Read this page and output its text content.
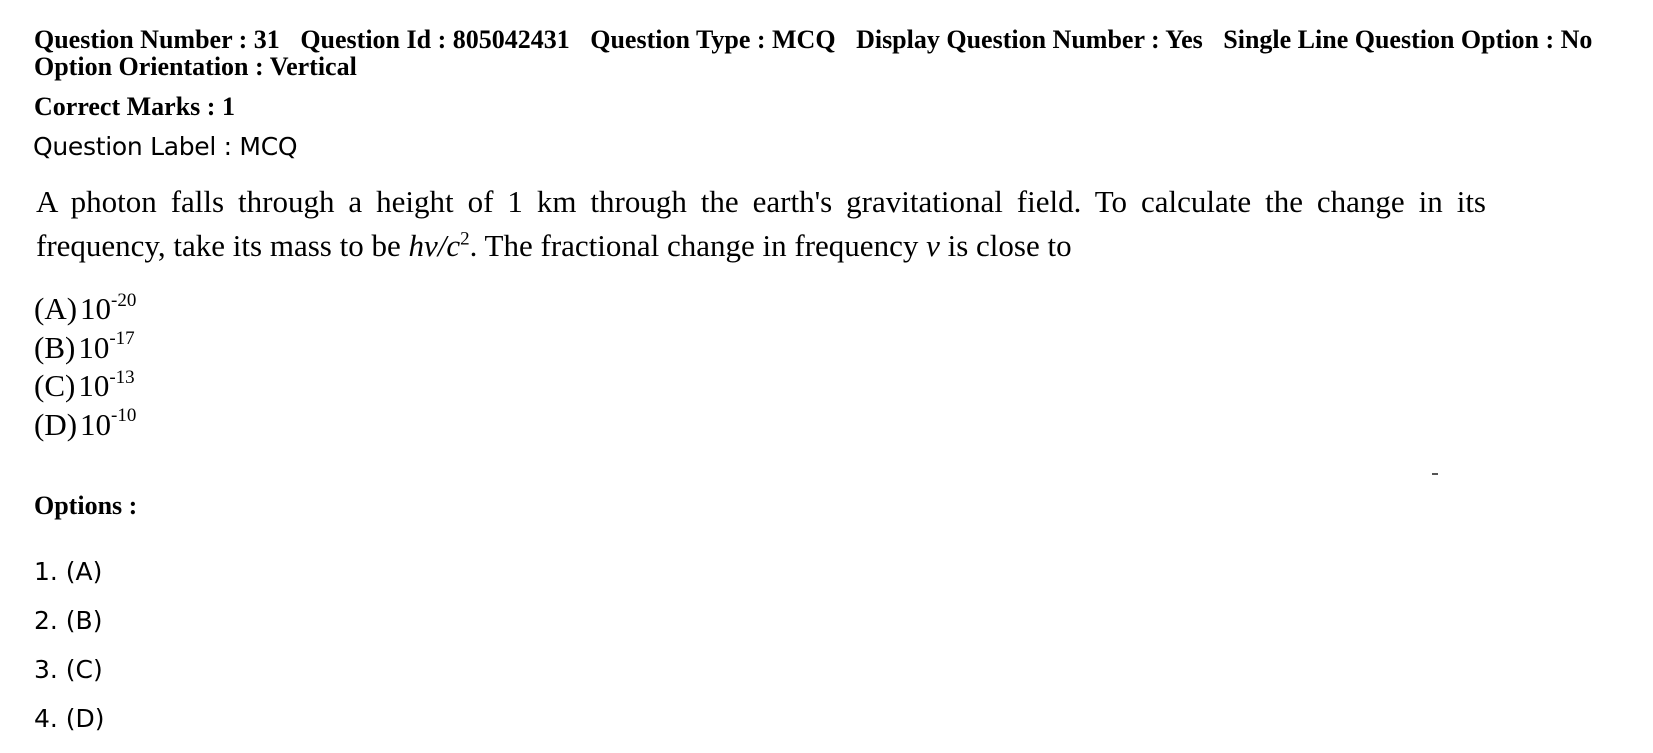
Question Number : 31 Question Id : 805042431 Question Type : MCQ Display Question Number : Yes Single Line Question Option : No Option Orientation : Vertical
Correct Marks : 1
Question Label : MCQ
A photon falls through a height of 1 km through the earth's gravitational field. To calculate the change in its frequency, take its mass to be $h\nu/c^2$. The fractional change in frequency ν is close to
$(A)10^{-20}$
$(B)10^{-17}$
$(C)10^{-13}$
$(D)10^{-10}$
Options :
1. (A)
2. (B)
3. (C)
4. (D)
